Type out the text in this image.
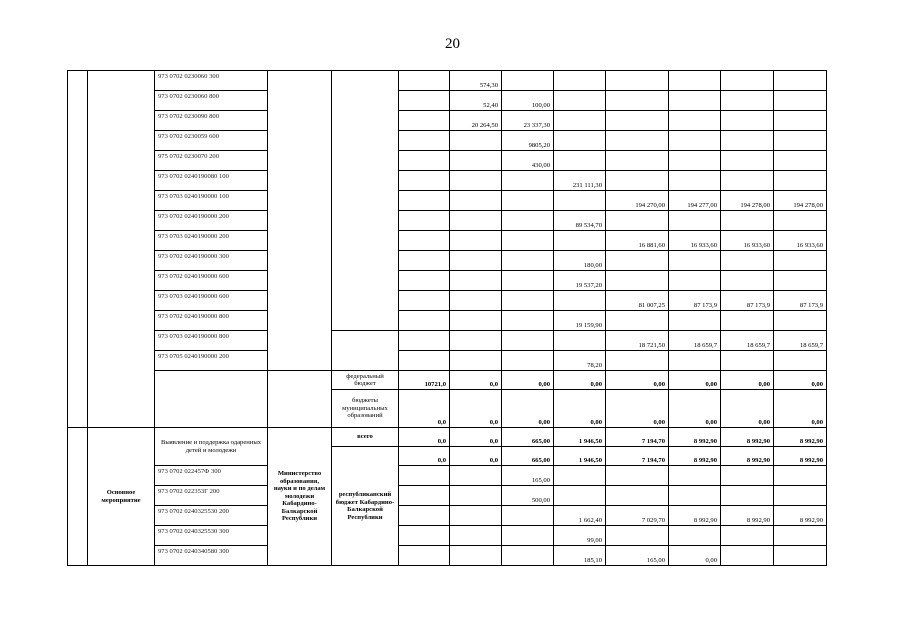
20
		973 0702 0230060 300				574,30						
		973 0702 0230060 800				52,40	100,00					
		973 0702 0230090 800				20 264,50	23 337,30					
		973 0702 0230059 600					9805,20					
		975 0702 0230070 200					430,00					
		973 0702 0240190080 100						231 111,30				
		973 0703 0240190000 100							194 270,00	194 277,00	194 278,00	194 278,00
		973 0702 0240190000 200						89 534,70				
		973 0703 0240190000 200							16 881,60	16 933,60	16 933,60	16 933,60
		973 0702 0240190000 300						180,00				
		973 0702 0240190000 600						19 537,20				
		973 0703 0240190000 600							81 007,25	87 173,9	87 173,9	87 173,9
		973 0702 0240190000 800						19 159,90				
		973 0703 0240190000 800							18 721,50	18 659,7	18 659,7	18 659,7
		973 0705 0240190000 200						78,20				
				федеральный бюджет	10721,0	0,0	0,00	0,00	0,00	0,00	0,00	0,00
				бюджеты муниципальных образований	0,0	0,0	0,00	0,00	0,00	0,00	0,00	0,00
	Основное мероприятие	Выявление и поддержка одаренных детей и молодежи	Министерство образования, науки и по делам молодежи Кабардино-Балкарской Республики	всего	0,0	0,0	665,00	1 946,50	7 194,70	8 992,90	8 992,90	8 992,90
				республиканский бюджет Кабардино-Балкарской Республики	0,0	0,0	665,00	1 946,50	7 194,70	8 992,90	8 992,90	8 992,90
		973 0702 022457Ф 300					165,00					
		973 0702 022353Г 200					500,00					
		973 0702 0240325530 200						1 662,40	7 029,70	8 992,90	8 992,90	8 992,90
		973 0702 0240325530 300						99,00				
		973 0702 0240340580 300						185,10	165,00	0,00		
